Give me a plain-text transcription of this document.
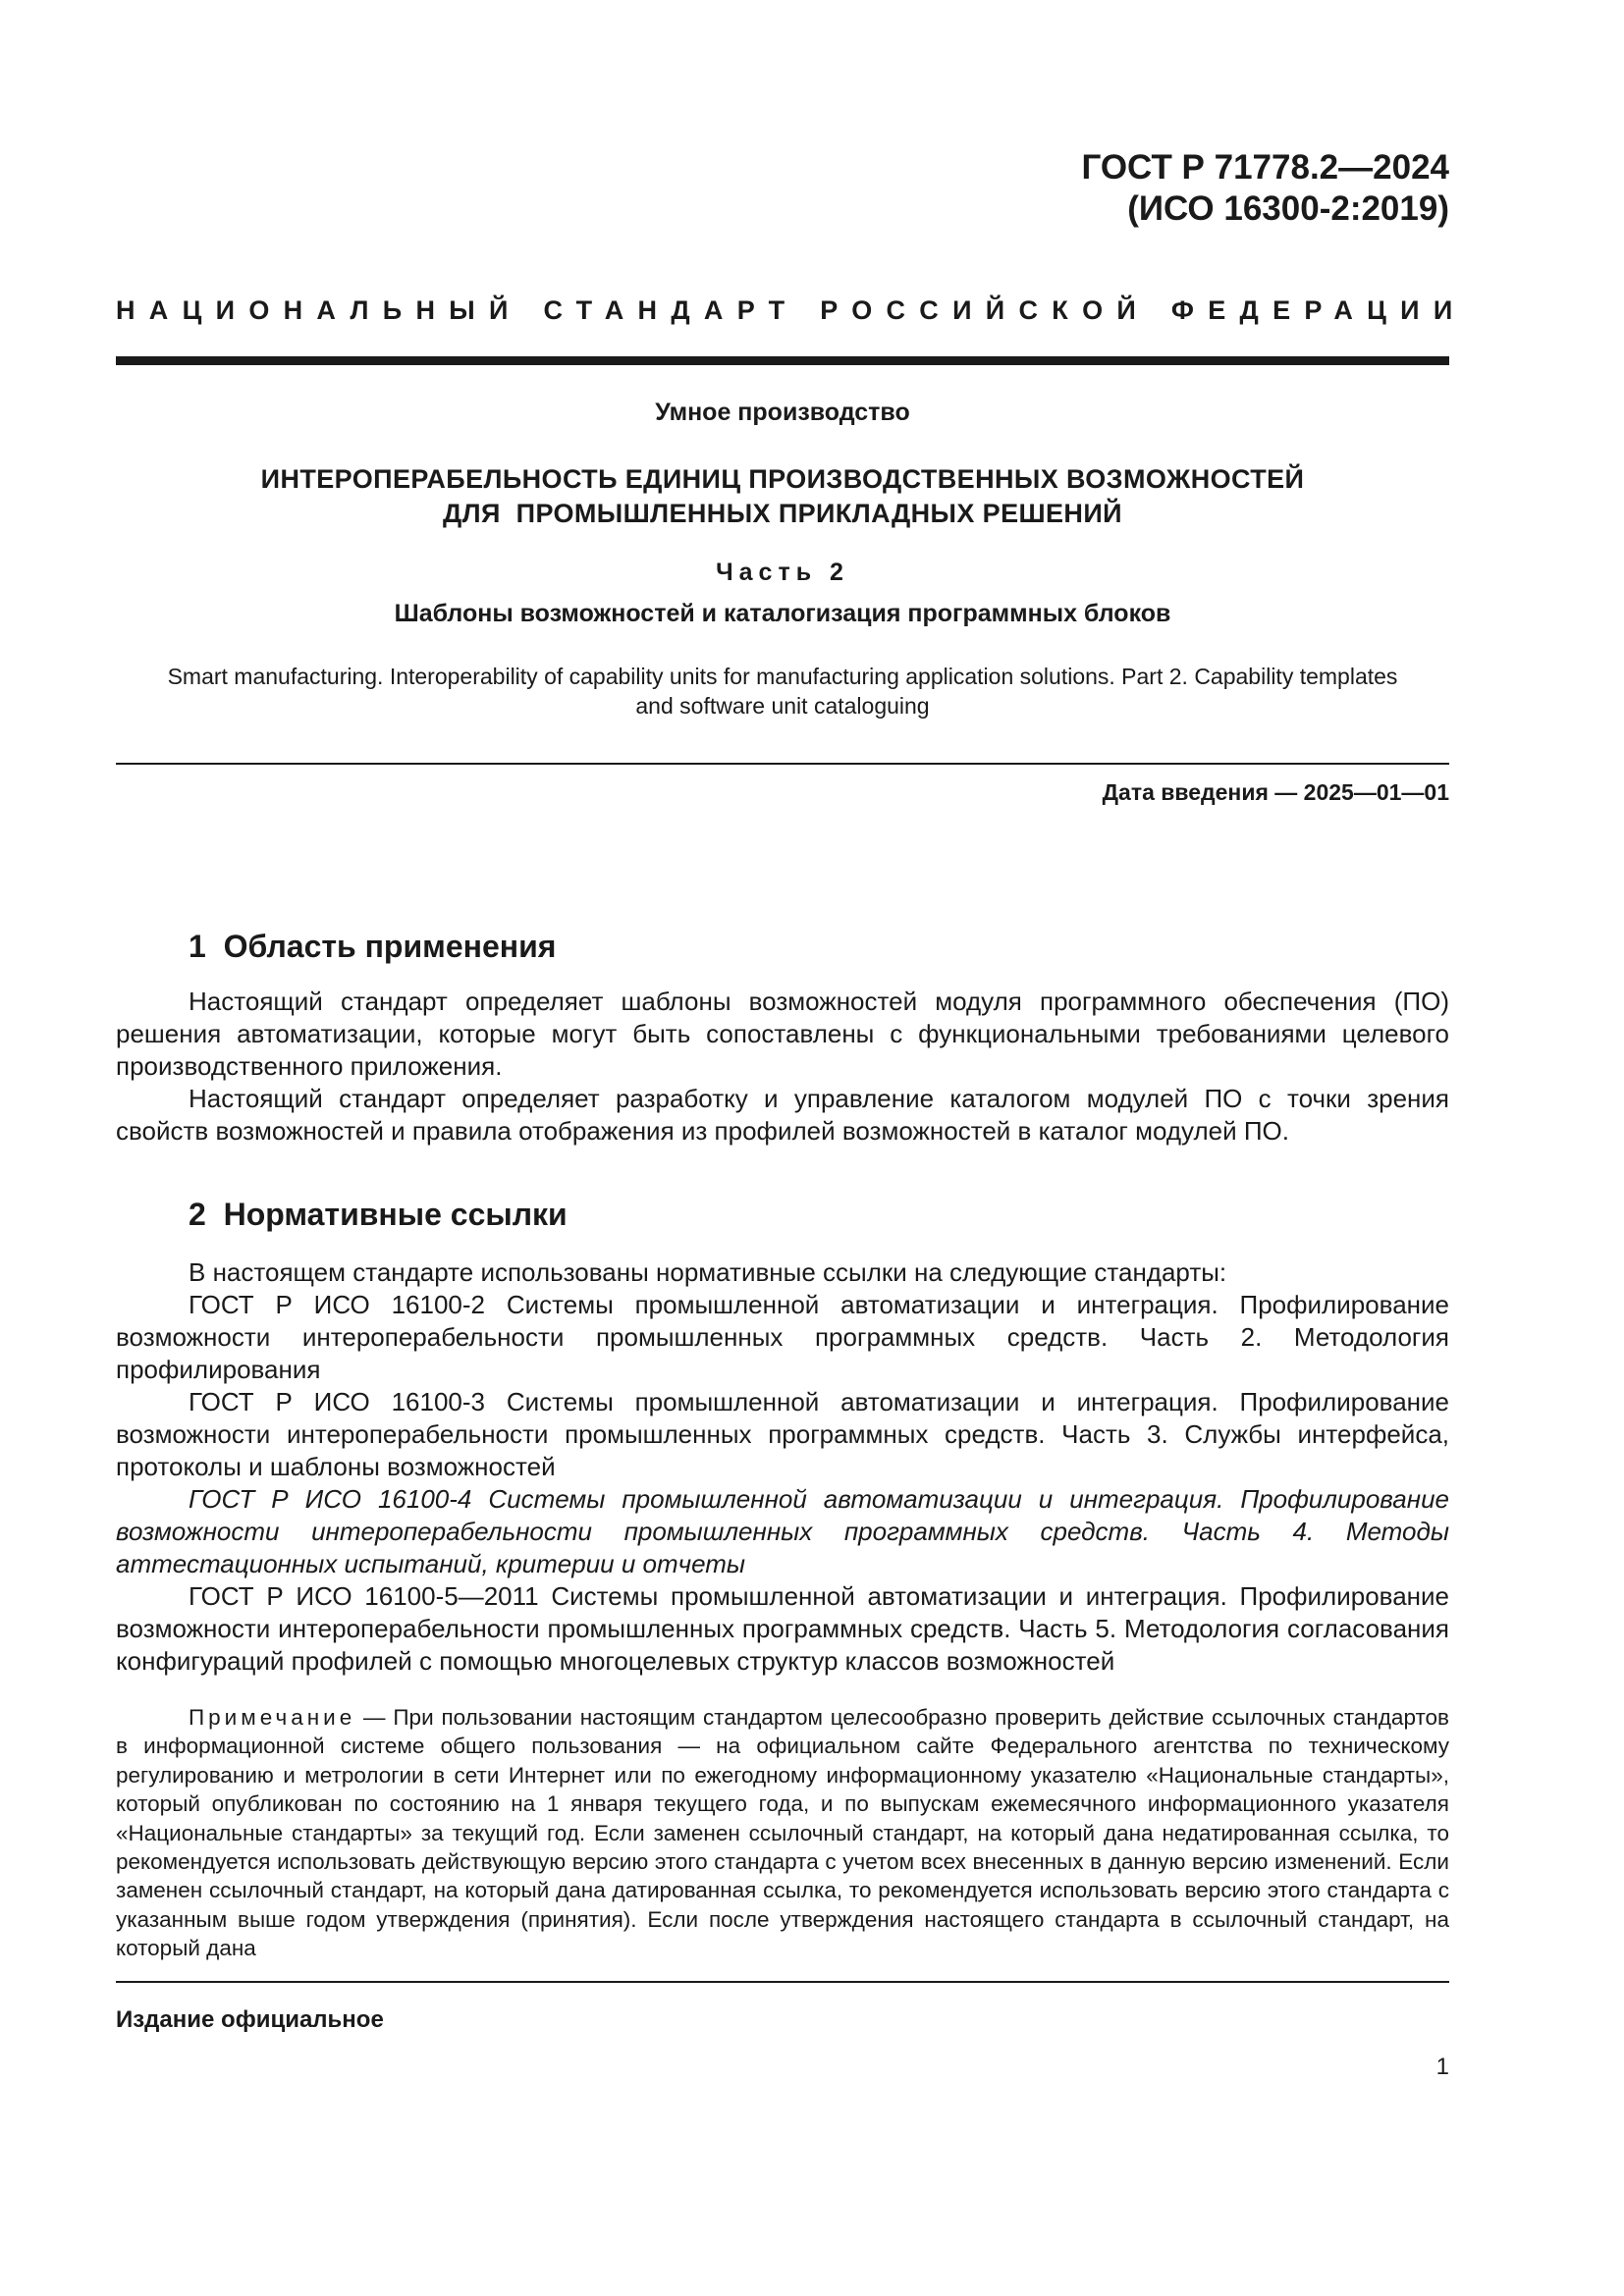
ГОСТ Р 71778.2—2024
(ИСО 16300-2:2019)
НАЦИОНАЛЬНЫЙ СТАНДАРТ РОССИЙСКОЙ ФЕДЕРАЦИИ
Умное производство
ИНТЕРОПЕРАБЕЛЬНОСТЬ ЕДИНИЦ ПРОИЗВОДСТВЕННЫХ ВОЗМОЖНОСТЕЙ
ДЛЯ  ПРОМЫШЛЕННЫХ ПРИКЛАДНЫХ РЕШЕНИЙ
Часть 2
Шаблоны возможностей и каталогизация программных блоков
Smart manufacturing. Interoperability of capability units for manufacturing application solutions. Part 2. Capability templates and software unit cataloguing
Дата введения — 2025—01—01
1  Область применения

Настоящий стандарт определяет шаблоны возможностей модуля программного обеспечения (ПО) решения автоматизации, которые могут быть сопоставлены с функциональными требованиями целевого производственного приложения.

Настоящий стандарт определяет разработку и управление каталогом модулей ПО с точки зрения свойств возможностей и правила отображения из профилей возможностей в каталог модулей ПО.

2  Нормативные ссылки

В настоящем стандарте использованы нормативные ссылки на следующие стандарты:

ГОСТ Р ИСО 16100-2 Системы промышленной автоматизации и интеграция. Профилирование возможности интероперабельности промышленных программных средств. Часть 2. Методология профилирования

ГОСТ Р ИСО 16100-3 Системы промышленной автоматизации и интеграция. Профилирование возможности интероперабельности промышленных программных средств. Часть 3. Службы интерфейса, протоколы и шаблоны возможностей

ГОСТ Р ИСО 16100-4 Системы промышленной автоматизации и интеграция. Профилирование возможности интероперабельности промышленных программных средств. Часть 4. Методы аттестационных испытаний, критерии и отчеты

ГОСТ Р ИСО 16100-5—2011 Системы промышленной автоматизации и интеграция. Профилирование возможности интероперабельности промышленных программных средств. Часть 5. Методология согласования конфигураций профилей с помощью многоцелевых структур классов возможностей

Примечание — При пользовании настоящим стандартом целесообразно проверить действие ссылочных стандартов в информационной системе общего пользования — на официальном сайте Федерального агентства по техническому регулированию и метрологии в сети Интернет или по ежегодному информационному указателю «Национальные стандарты», который опубликован по состоянию на 1 января текущего года, и по выпускам ежемесячного информационного указателя «Национальные стандарты» за текущий год. Если заменен ссылочный стандарт, на который дана недатированная ссылка, то рекомендуется использовать действующую версию этого стандарта с учетом всех внесенных в данную версию изменений. Если заменен ссылочный стандарт, на который дана датированная ссылка, то рекомендуется использовать версию этого стандарта с указанным выше годом утверждения (принятия). Если после утверждения настоящего стандарта в ссылочный стандарт, на который дана

Издание официальное
1
